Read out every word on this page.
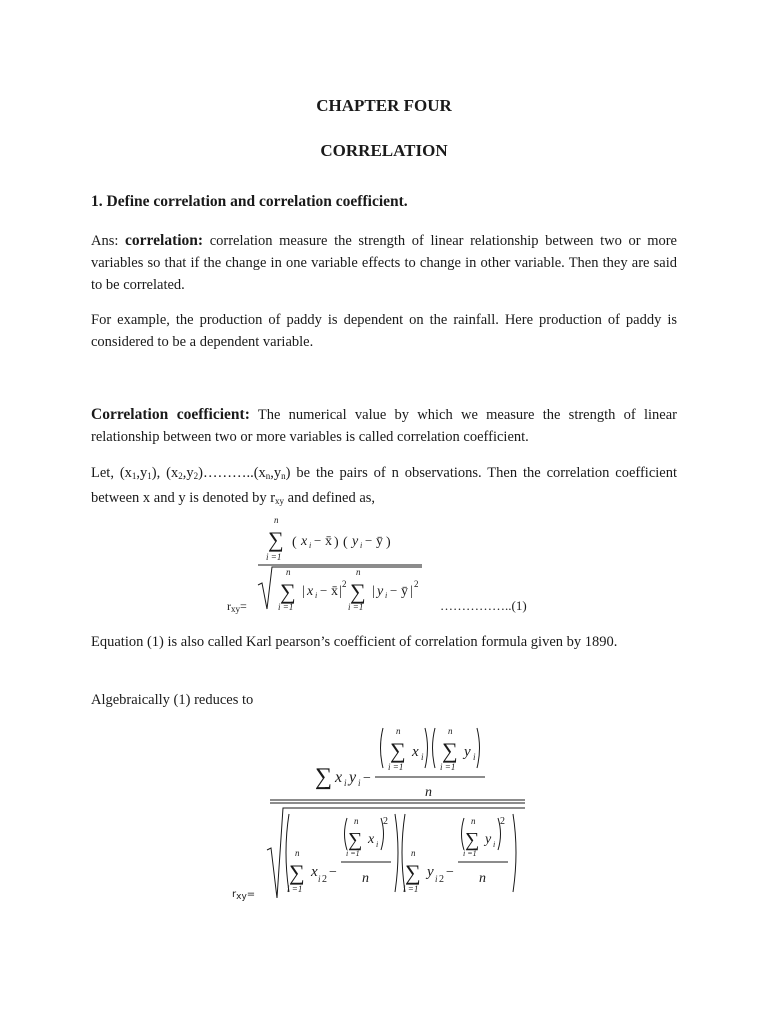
CHAPTER FOUR
CORRELATION
1. Define correlation and correlation coefficient.
Ans: correlation: correlation measure the strength of linear relationship between two or more variables so that if the change in one variable effects to change in other variable. Then they are said to be correlated.
For example, the production of paddy is dependent on the rainfall. Here production of paddy is considered to be a dependent variable.
Correlation coefficient: The numerical value by which we measure the strength of linear relationship between two or more variables is called correlation coefficient.
Let, $(x_1,y_1)$, $(x_2,y_2)\dots\dots\dots..(x_n,y_n)$ be the pairs of n observations. Then the correlation coefficient between x and y is denoted by $r_{xy}$ and defined as,
n
∑
i =1
( x i − x̄ ) ( y i − ȳ )
n
∑
i =1
| x i − x̄ | 2
n
∑
i =1
| y i − ȳ | 2
$r_{xy}=$	……………..(1)
Equation (1) is also called Karl pearson’s coefficient of correlation formula given by 1890.
Algebraically (1) reduces to
∑ x i y i −
n
∑
i =1
x i
n
∑
i =1
y i
n
n
∑
i =1
x i 2 −
n
∑
i =1
x i
2
n
n
∑
i =1
y i 2 −
n
∑
i =1
y i
2
n
$r_{xy}=$
